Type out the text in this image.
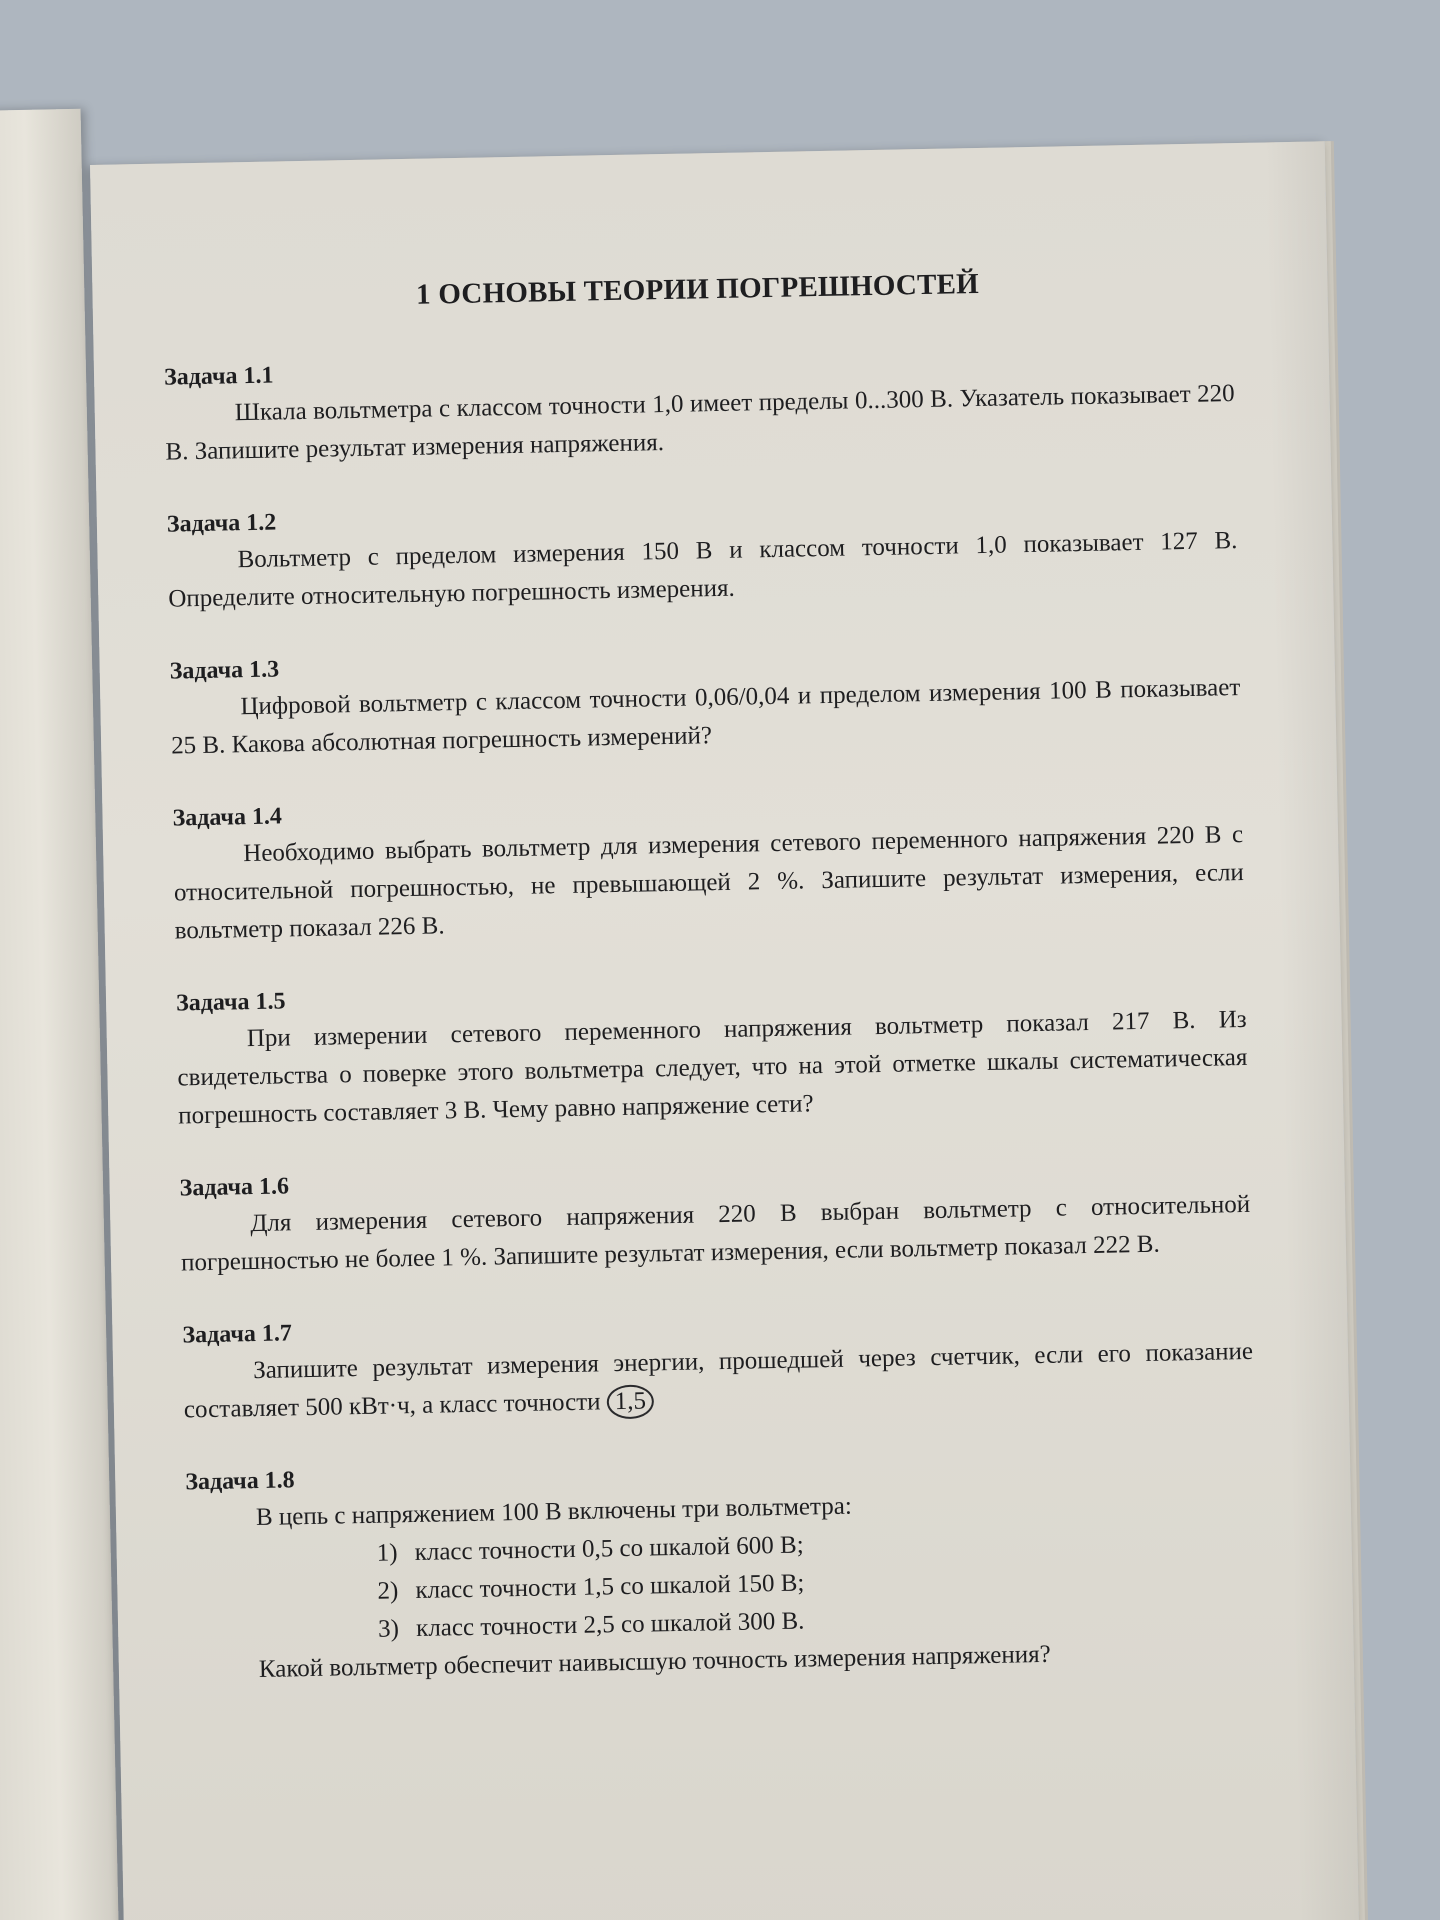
1 ОСНОВЫ ТЕОРИИ ПОГРЕШНОСТЕЙ
Задача 1.1
Шкала вольтметра с классом точности 1,0 имеет пределы 0...300 В. Указатель показывает 220 В. Запишите результат измерения напряжения.
Задача 1.2
Вольтметр с пределом измерения 150 В и классом точности 1,0 показывает 127 В. Определите относительную погрешность измерения.
Задача 1.3
Цифровой вольтметр с классом точности 0,06/0,04 и пределом измерения 100 В показывает 25 В. Какова абсолютная погрешность измерений?
Задача 1.4
Необходимо выбрать вольтметр для измерения сетевого переменного напряжения 220 В с относительной погрешностью, не превышающей 2 %. Запишите результат измерения, если вольтметр показал 226 В.
Задача 1.5
При измерении сетевого переменного напряжения вольтметр показал 217 В. Из свидетельства о поверке этого вольтметра следует, что на этой отметке шкалы систематическая погрешность составляет 3 В. Чему равно напряжение сети?
Задача 1.6
Для измерения сетевого напряжения 220 В выбран вольтметр с относительной погрешностью не более 1 %. Запишите результат измерения, если вольтметр показал 222 В.
Задача 1.7
Запишите результат измерения энергии, прошедшей через счетчик, если его показание составляет 500 кВт·ч, а класс точности 1,5
Задача 1.8
В цепь с напряжением 100 В включены три вольтметра:
1) класс точности 0,5 со шкалой 600 В;
2) класс точности 1,5 со шкалой 150 В;
3) класс точности 2,5 со шкалой 300 В.
Какой вольтметр обеспечит наивысшую точность измерения напряжения?
